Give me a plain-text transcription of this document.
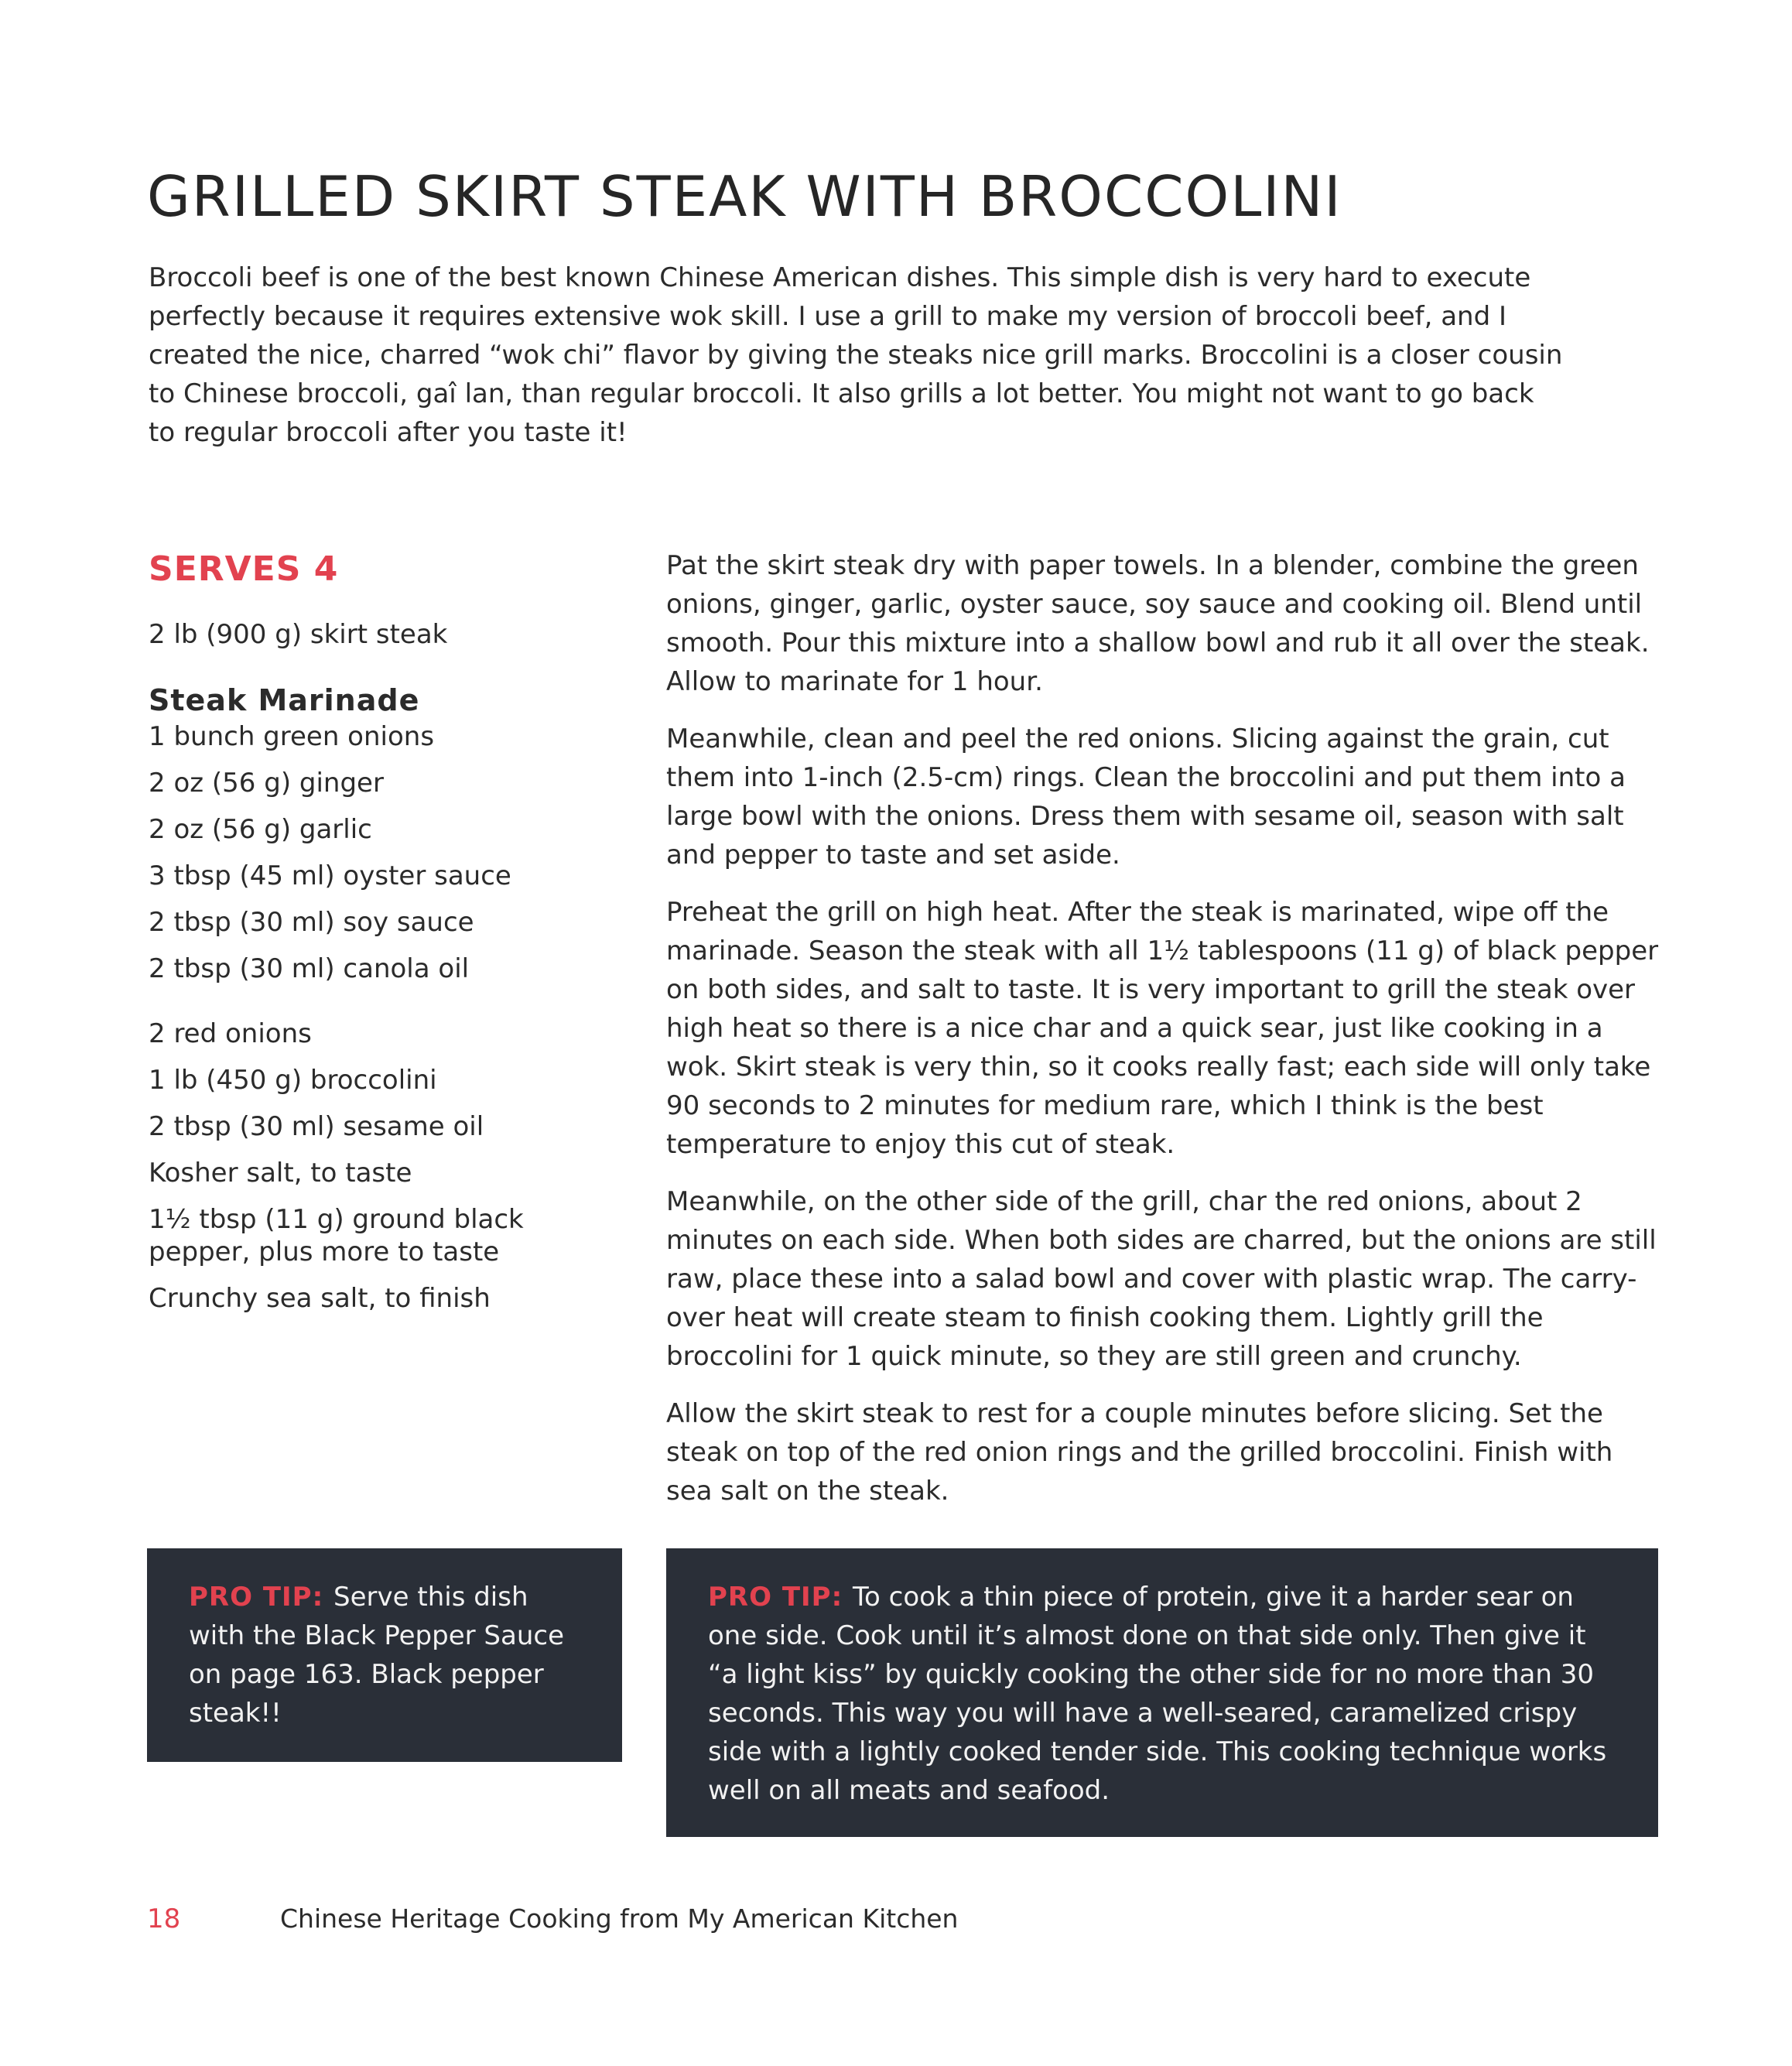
GRILLED SKIRT STEAK WITH BROCCOLINI

Broccoli beef is one of the best known Chinese American dishes. This simple dish is very hard to execute perfectly because it requires extensive wok skill. I use a grill to make my version of broccoli beef, and I created the nice, charred “wok chi” flavor by giving the steaks nice grill marks. Broccolini is a closer cousin to Chinese broccoli, gaî lan, than regular broccoli. It also grills a lot better. You might not want to go back to regular broccoli after you taste it!

SERVES 4

2 lb (900 g) skirt steak

Steak Marinade

1 bunch green onions

2 oz (56 g) ginger

2 oz (56 g) garlic

3 tbsp (45 ml) oyster sauce

2 tbsp (30 ml) soy sauce

2 tbsp (30 ml) canola oil

2 red onions

1 lb (450 g) broccolini

2 tbsp (30 ml) sesame oil

Kosher salt, to taste

1½ tbsp (11 g) ground black pepper, plus more to taste

Crunchy sea salt, to finish

Pat the skirt steak dry with paper towels. In a blender, combine the green onions, ginger, garlic, oyster sauce, soy sauce and cooking oil. Blend until smooth. Pour this mixture into a shallow bowl and rub it all over the steak. Allow to marinate for 1 hour.

Meanwhile, clean and peel the red onions. Slicing against the grain, cut them into 1-inch (2.5-cm) rings. Clean the broccolini and put them into a large bowl with the onions. Dress them with sesame oil, season with salt and pepper to taste and set aside.

Preheat the grill on high heat. After the steak is marinated, wipe off the marinade. Season the steak with all 1½ tablespoons (11 g) of black pepper on both sides, and salt to taste. It is very important to grill the steak over high heat so there is a nice char and a quick sear, just like cooking in a wok. Skirt steak is very thin, so it cooks really fast; each side will only take 90 seconds to 2 minutes for medium rare, which I think is the best temperature to enjoy this cut of steak.

Meanwhile, on the other side of the grill, char the red onions, about 2 minutes on each side. When both sides are charred, but the onions are still raw, place these into a salad bowl and cover with plastic wrap. The carry-over heat will create steam to finish cooking them. Lightly grill the broccolini for 1 quick minute, so they are still green and crunchy.

Allow the skirt steak to rest for a couple minutes before slicing. Set the steak on top of the red onion rings and the grilled broccolini. Finish with sea salt on the steak.

PRO TIP: Serve this dish with the Black Pepper Sauce on page 163. Black pepper steak!!
PRO TIP: To cook a thin piece of protein, give it a harder sear on one side. Cook until it’s almost done on that side only. Then give it “a light kiss” by quickly cooking the other side for no more than 30 seconds. This way you will have a well-seared, caramelized crispy side with a lightly cooked tender side. This cooking technique works well on all meats and seafood.
18	Chinese Heritage Cooking from My American Kitchen
